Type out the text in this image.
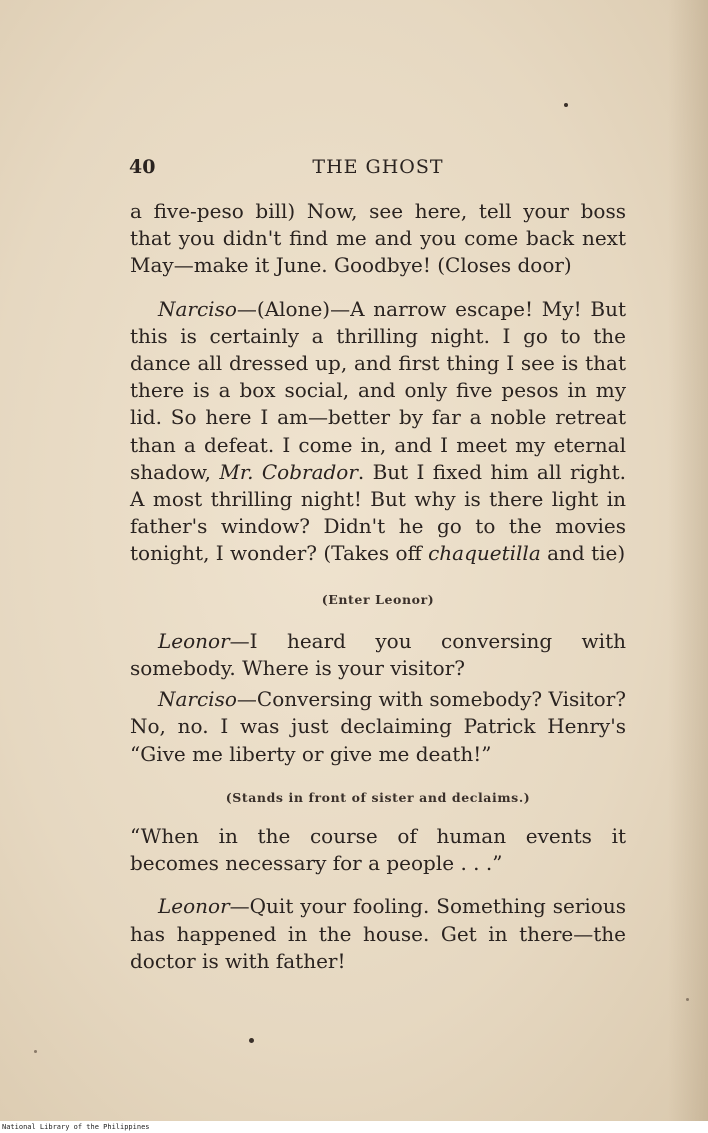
40	THE GHOST

a five-peso bill) Now, see here, tell your boss that you didn't find me and you come back next May—make it June. Goodbye! (Closes door)

Narciso—(Alone)—A narrow escape! My! But this is certainly a thrilling night. I go to the dance all dressed up, and first thing I see is that there is a box social, and only five pesos in my lid. So here I am—better by far a noble retreat than a defeat. I come in, and I meet my eternal shadow, Mr. Cobrador. But I fixed him all right. A most thrilling night! But why is there light in father's window? Didn't he go to the movies tonight, I wonder? (Takes off chaquetilla and tie)

(Enter Leonor)

Leonor—I heard you conversing with somebody. Where is your visitor?

Narciso—Conversing with somebody? Visitor? No, no. I was just declaiming Patrick Henry's “Give me liberty or give me death!”

(Stands in front of sister and declaims.)

“When in the course of human events it becomes necessary for a people . . .”

Leonor—Quit your fooling. Something serious has happened in the house. Get in there—the doctor is with father!

National Library of the Philippines
